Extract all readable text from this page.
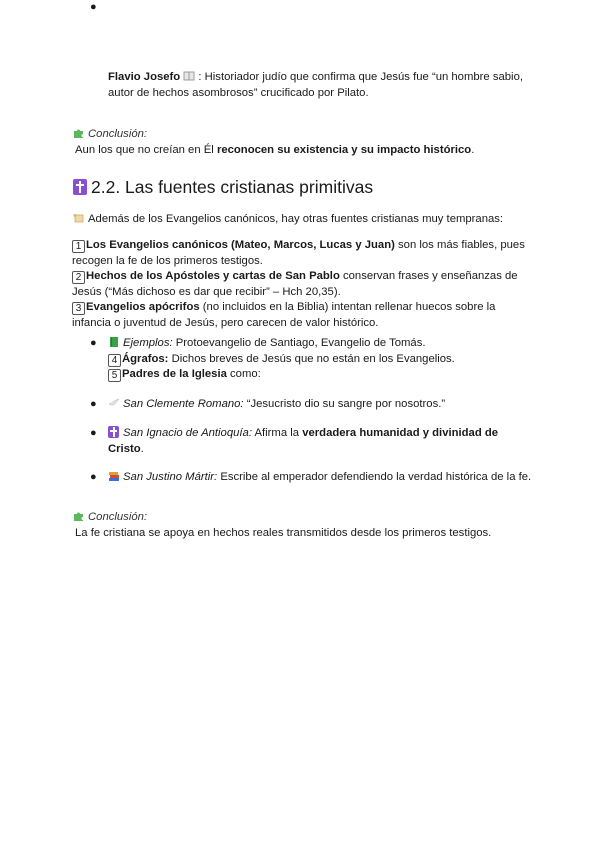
●
Flavio Josefo : Historiador judío que confirma que Jesús fue “un hombre sabio,
autor de hechos asombrosos” crucificado por Pilato.
Conclusión:
Aun los que no creían en Él reconocen su existencia y su impacto histórico.
2.2. Las fuentes cristianas primitivas
Además de los Evangelios canónicos, hay otras fuentes cristianas muy tempranas:
1 Los Evangelios canónicos (Mateo, Marcos, Lucas y Juan) son los más fiables, pues
recogen la fe de los primeros testigos.
2 Hechos de los Apóstoles y cartas de San Pablo conservan frases y enseñanzas de
Jesús (“Más dichoso es dar que recibir” – Hch 20,35).
3 Evangelios apócrifos (no incluidos en la Biblia) intentan rellenar huecos sobre la
infancia o juventud de Jesús, pero carecen de valor histórico.
●	Ejemplos: Protoevangelio de Santiago, Evangelio de Tomás.
4 Ágrafos: Dichos breves de Jesús que no están en los Evangelios.
5 Padres de la Iglesia como:
●	San Clemente Romano: “Jesucristo dio su sangre por nosotros.”
●	San Ignacio de Antioquía: Afirma la verdadera humanidad y divinidad de
Cristo.
●	San Justino Mártir: Escribe al emperador defendiendo la verdad histórica de la fe.
Conclusión:
La fe cristiana se apoya en hechos reales transmitidos desde los primeros testigos.
